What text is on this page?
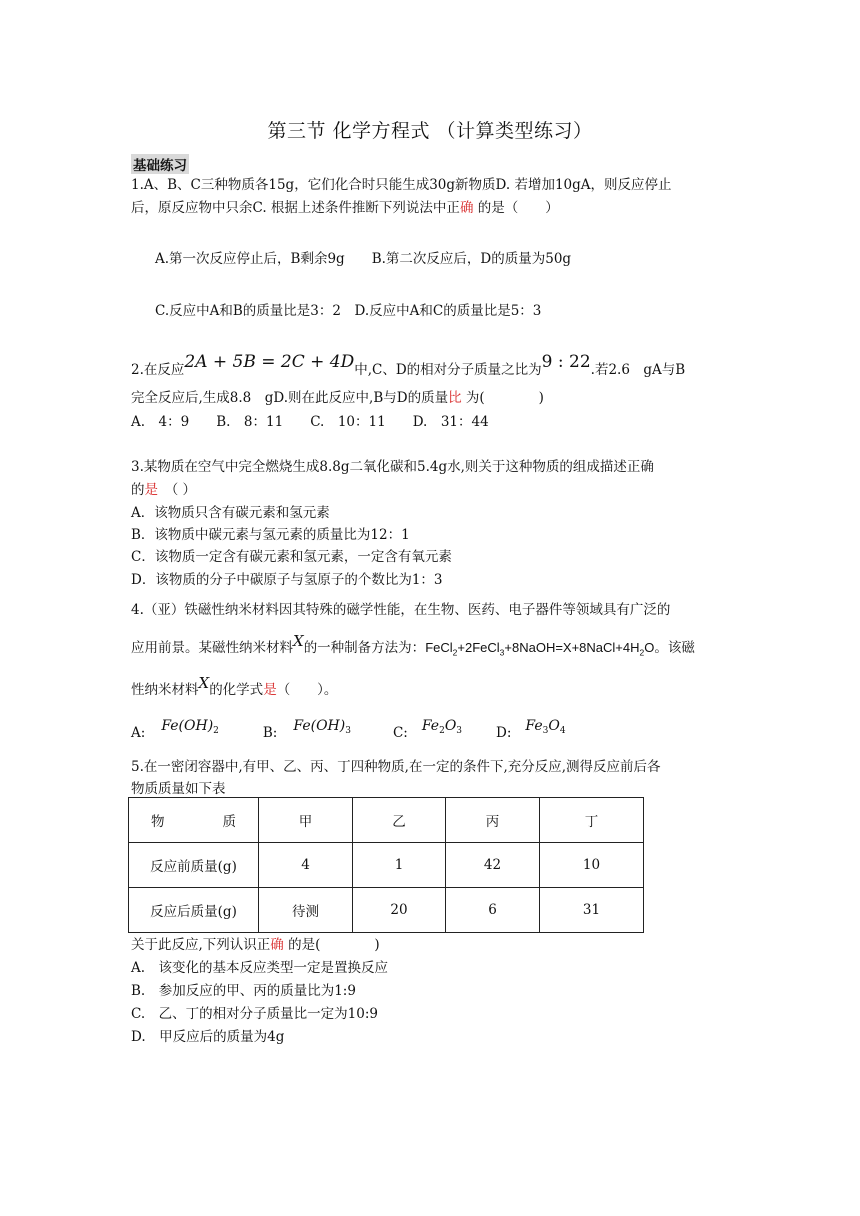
第三节 化学方程式 （计算类型练习）
基础练习
1.A、B、C三种物质各15g，它们化合时只能生成30g新物质D. 若增加10gA，则反应停止
后，原反应物中只余C. 根据上述条件推断下列说法中正确 的是（　　）
A.第一次反应停止后，B剩余9g　　B.第二次反应后，D的质量为50g
C.反应中A和B的质量比是3：2　D.反应中A和C的质量比是5：3
2.在反应2A + 5B = 2C + 4D中,C、D的相对分子质量之比为9 : 22.若2.6　gA与B
完全反应后,生成8.8　gD.则在此反应中,B与D的质量比 为(　　　　)
A.　4：9　　B.　8：11　　C.　10：11　　D.　31：44
3.某物质在空气中完全燃烧生成8.8g二氧化碳和5.4g水,则关于这种物质的组成描述正确
的是　（ ）
A．该物质只含有碳元素和氢元素
B．该物质中碳元素与氢元素的质量比为12：1
C．该物质一定含有碳元素和氢元素，一定含有氧元素
D．该物质的分子中碳原子与氢原子的个数比为1：3
4.（亚）铁磁性纳米材料因其特殊的磁学性能，在生物、医药、电子器件等领域具有广泛的
应用前景。某磁性纳米材料X的一种制备方法为：$FeCl_2+2FeCl_3+8NaOH=X+8NaCl+4H_2O$。该磁
性纳米材料X的化学式是（　　）。
A: $Fe(OH)_2$	B: $Fe(OH)_3$	C: $Fe_2O_3$	D: $Fe_3O_4$
5.在一密闭容器中,有甲、乙、丙、丁四种物质,在一定的条件下,充分反应,测得反应前后各
物质质量如下表
物 质	甲	乙	丙	丁
反应前质量(g)	4	1	42	10
反应后质量(g)	待测	20	6	31
关于此反应,下列认识正确 的是(　　　　)
A.　该变化的基本反应类型一定是置换反应
B.　参加反应的甲、丙的质量比为1:9
C.　乙、丁的相对分子质量比一定为10:9
D.　甲反应后的质量为4g
